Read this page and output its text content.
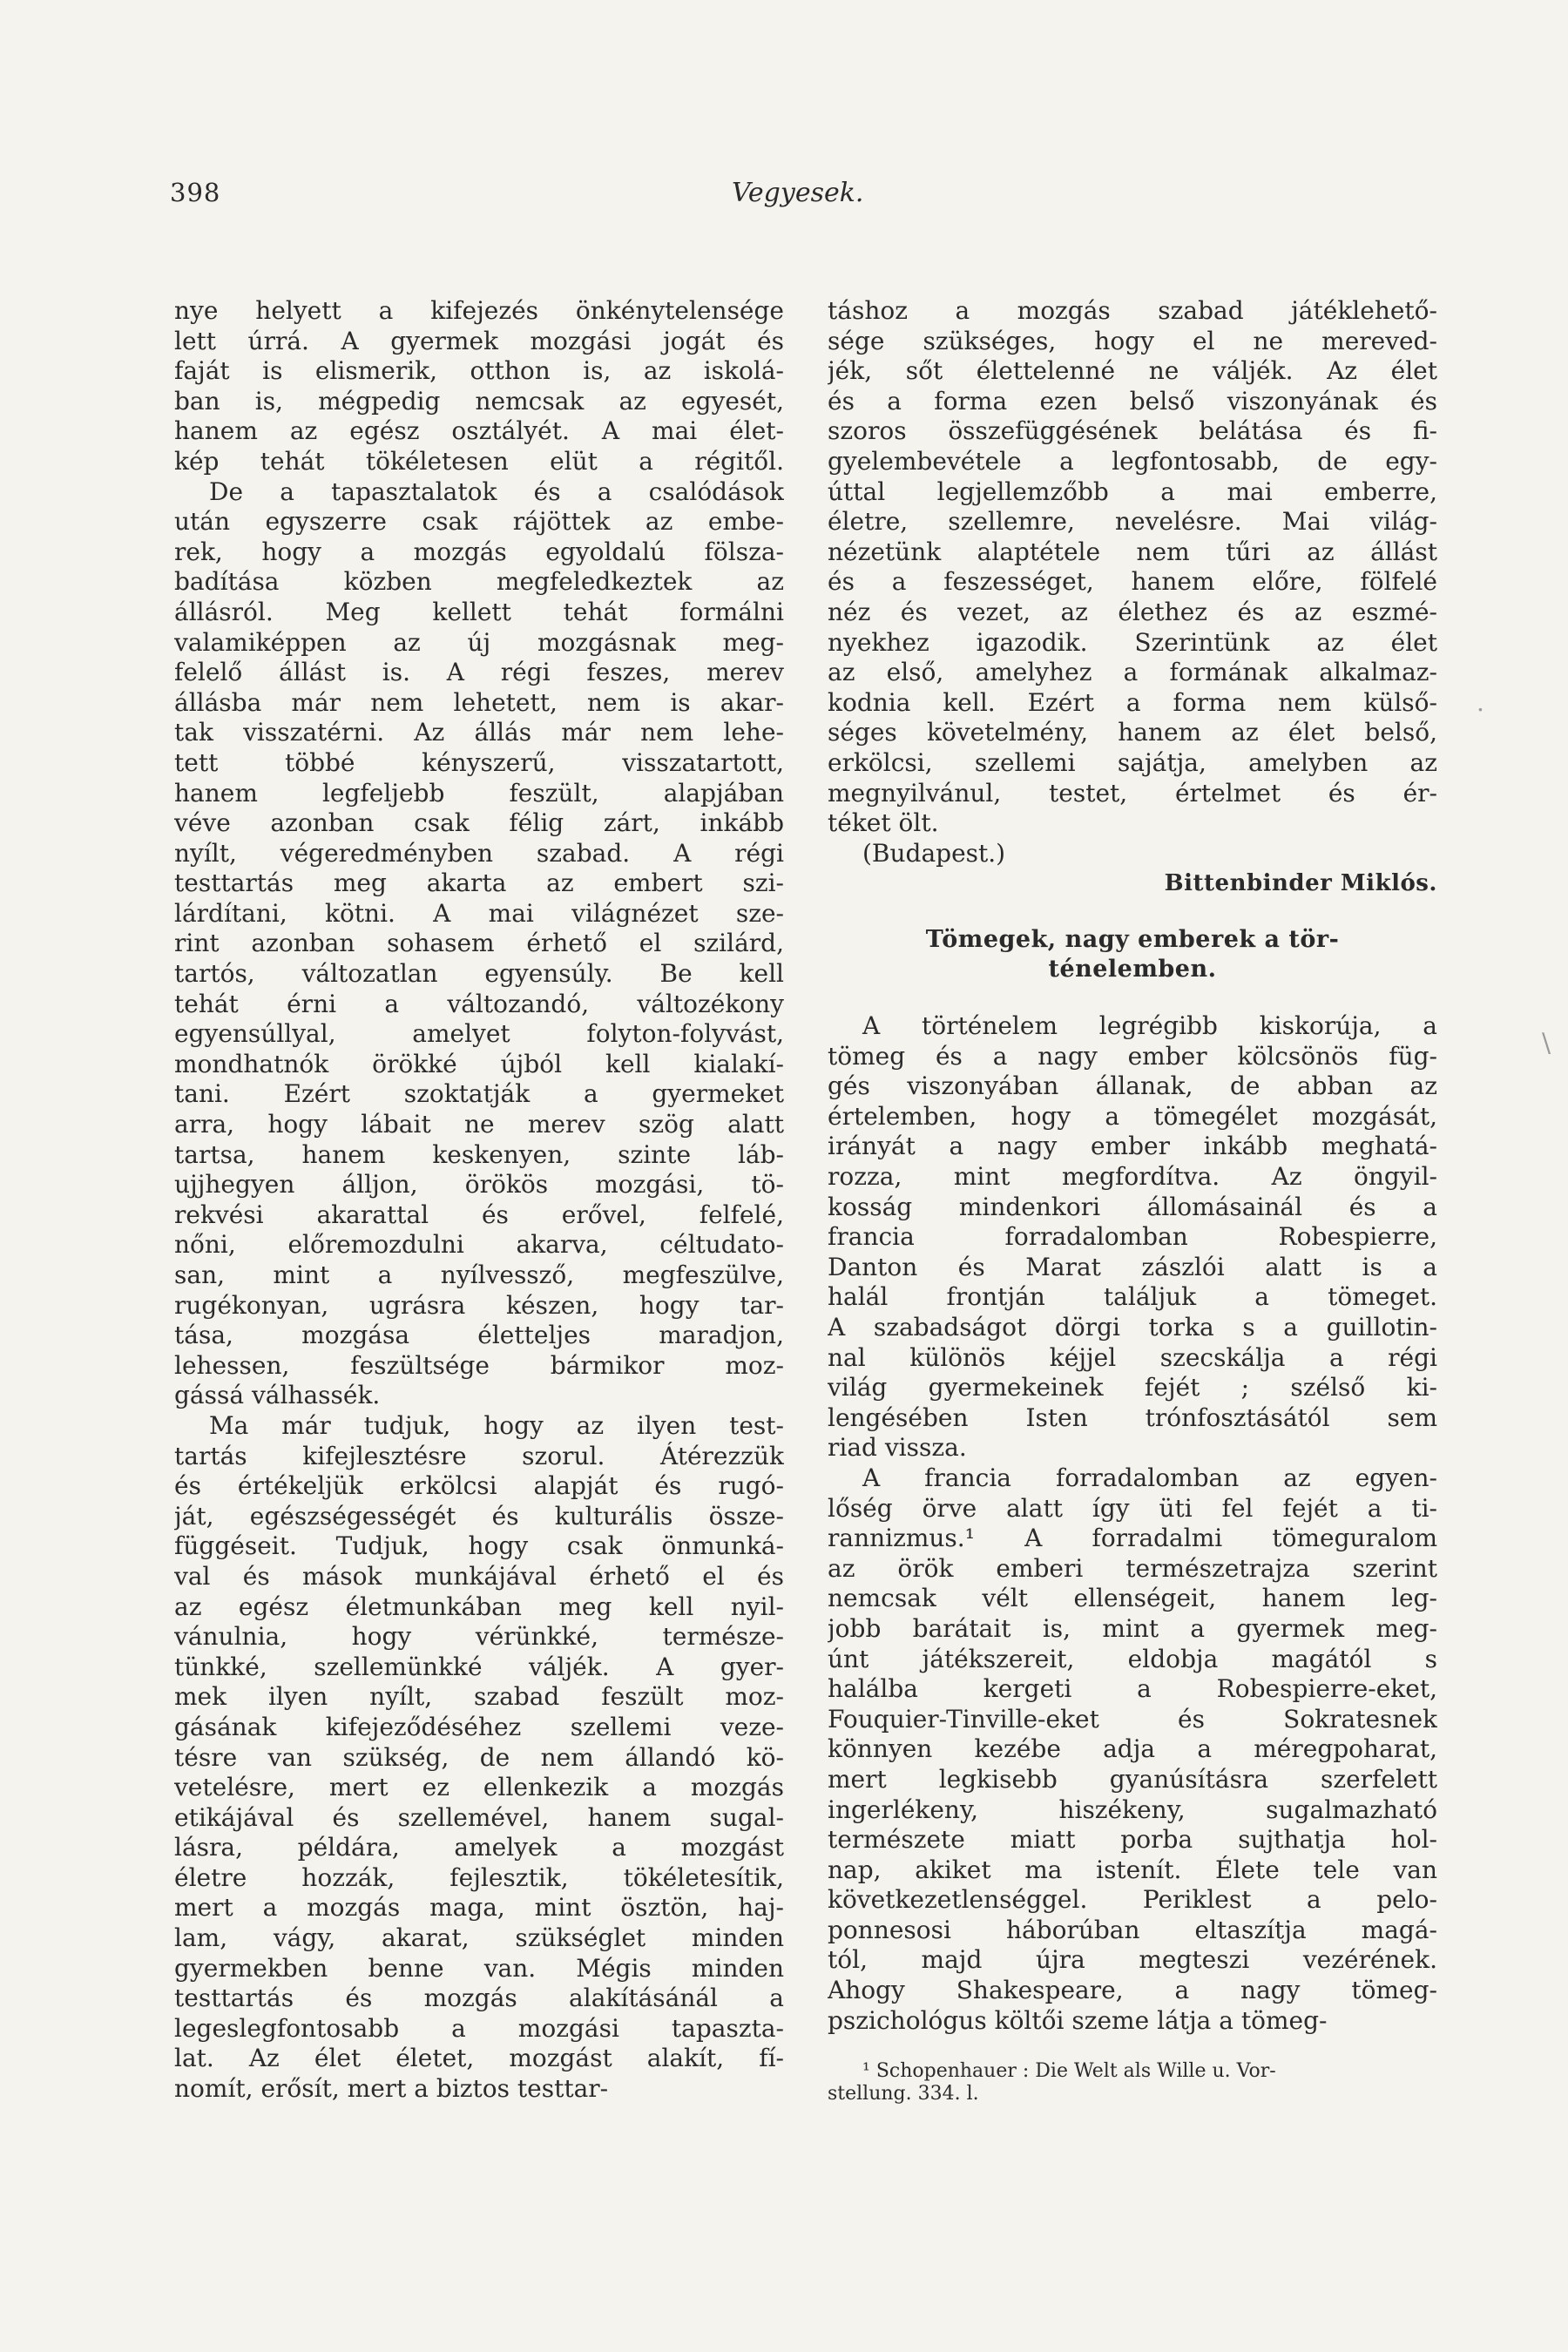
398	Vegyesek.
nye helyett a kifejezés önkénytelensége
lett úrrá. A gyermek mozgási jogát és
faját is elismerik, otthon is, az iskolá-
ban is, mégpedig nemcsak az egyesét,
hanem az egész osztályét. A mai élet-
kép tehát tökéletesen elüt a régitől.
De a tapasztalatok és a csalódások
után egyszerre csak rájöttek az embe-
rek, hogy a mozgás egyoldalú fölsza-
badítása közben megfeledkeztek az
állásról. Meg kellett tehát formálni
valamiképpen az új mozgásnak meg-
felelő állást is. A régi feszes, merev
állásba már nem lehetett, nem is akar-
tak visszatérni. Az állás már nem lehe-
tett többé kényszerű, visszatartott,
hanem legfeljebb feszült, alapjában
véve azonban csak félig zárt, inkább
nyílt, végeredményben szabad. A régi
testtartás meg akarta az embert szi-
lárdítani, kötni. A mai világnézet sze-
rint azonban sohasem érhető el szilárd,
tartós, változatlan egyensúly. Be kell
tehát érni a változandó, változékony
egyensúllyal, amelyet folyton-folyvást,
mondhatnók örökké újból kell kialakí-
tani. Ezért szoktatják a gyermeket
arra, hogy lábait ne merev szög alatt
tartsa, hanem keskenyen, szinte láb-
ujjhegyen álljon, örökös mozgási, tö-
rekvési akarattal és erővel, felfelé,
nőni, előremozdulni akarva, céltudato-
san, mint a nyílvessző, megfeszülve,
rugékonyan, ugrásra készen, hogy tar-
tása, mozgása életteljes maradjon,
lehessen, feszültsége bármikor moz-
gássá válhassék.
Ma már tudjuk, hogy az ilyen test-
tartás kifejlesztésre szorul. Átérezzük
és értékeljük erkölcsi alapját és rugó-
ját, egészségességét és kulturális össze-
függéseit. Tudjuk, hogy csak önmunká-
val és mások munkájával érhető el és
az egész életmunkában meg kell nyil-
vánulnia, hogy vérünkké, természe-
tünkké, szellemünkké váljék. A gyer-
mek ilyen nyílt, szabad feszült moz-
gásának kifejeződéséhez szellemi veze-
tésre van szükség, de nem állandó kö-
vetelésre, mert ez ellenkezik a mozgás
etikájával és szellemével, hanem sugal-
lásra, példára, amelyek a mozgást
életre hozzák, fejlesztik, tökéletesítik,
mert a mozgás maga, mint ösztön, haj-
lam, vágy, akarat, szükséglet minden
gyermekben benne van. Mégis minden
testtartás és mozgás alakításánál a
legeslegfontosabb a mozgási tapaszta-
lat. Az élet életet, mozgást alakít, fí-
nomít, erősít, mert a biztos testtar-
táshoz a mozgás szabad játéklehető-
sége szükséges, hogy el ne mereved-
jék, sőt élettelenné ne váljék. Az élet
és a forma ezen belső viszonyának és
szoros összefüggésének belátása és fi-
gyelembevétele a legfontosabb, de egy-
úttal legjellemzőbb a mai emberre,
életre, szellemre, nevelésre. Mai világ-
nézetünk alaptétele nem tűri az állást
és a feszességet, hanem előre, fölfelé
néz és vezet, az élethez és az eszmé-
nyekhez igazodik. Szerintünk az élet
az első, amelyhez a formának alkalmaz-
kodnia kell. Ezért a forma nem külső-
séges követelmény, hanem az élet belső,
erkölcsi, szellemi sajátja, amelyben az
megnyilvánul, testet, értelmet és ér-
téket ölt.
(Budapest.)
Bittenbinder Miklós.
Tömegek, nagy emberek a tör-
ténelemben.
A történelem legrégibb kiskorúja, a
tömeg és a nagy ember kölcsönös füg-
gés viszonyában állanak, de abban az
értelemben, hogy a tömegélet mozgását,
irányát a nagy ember inkább meghatá-
rozza, mint megfordítva. Az öngyil-
kosság mindenkori állomásainál és a
francia forradalomban Robespierre,
Danton és Marat zászlói alatt is a
halál frontján találjuk a tömeget.
A szabadságot dörgi torka s a guillotin-
nal különös kéjjel szecskálja a régi
világ gyermekeinek fejét ; szélső ki-
lengésében Isten trónfosztásától sem
riad vissza.
A francia forradalomban az egyen-
lőség örve alatt így üti fel fejét a ti-
rannizmus.¹ A forradalmi tömeguralom
az örök emberi természetrajza szerint
nemcsak vélt ellenségeit, hanem leg-
jobb barátait is, mint a gyermek meg-
únt játékszereit, eldobja magától s
halálba kergeti a Robespierre-eket,
Fouquier-Tinville-eket és Sokratesnek
könnyen kezébe adja a méregpoharat,
mert legkisebb gyanúsításra szerfelett
ingerlékeny, hiszékeny, sugalmazható
természete miatt porba sujthatja hol-
nap, akiket ma istenít. Élete tele van
következetlenséggel. Periklest a pelo-
ponnesosi háborúban eltaszítja magá-
tól, majd újra megteszi vezérének.
Ahogy Shakespeare, a nagy tömeg-
pszichológus költői szeme látja a tömeg-
¹ Schopenhauer : Die Welt als Wille u. Vor-
stellung. 334. l.
.
\
